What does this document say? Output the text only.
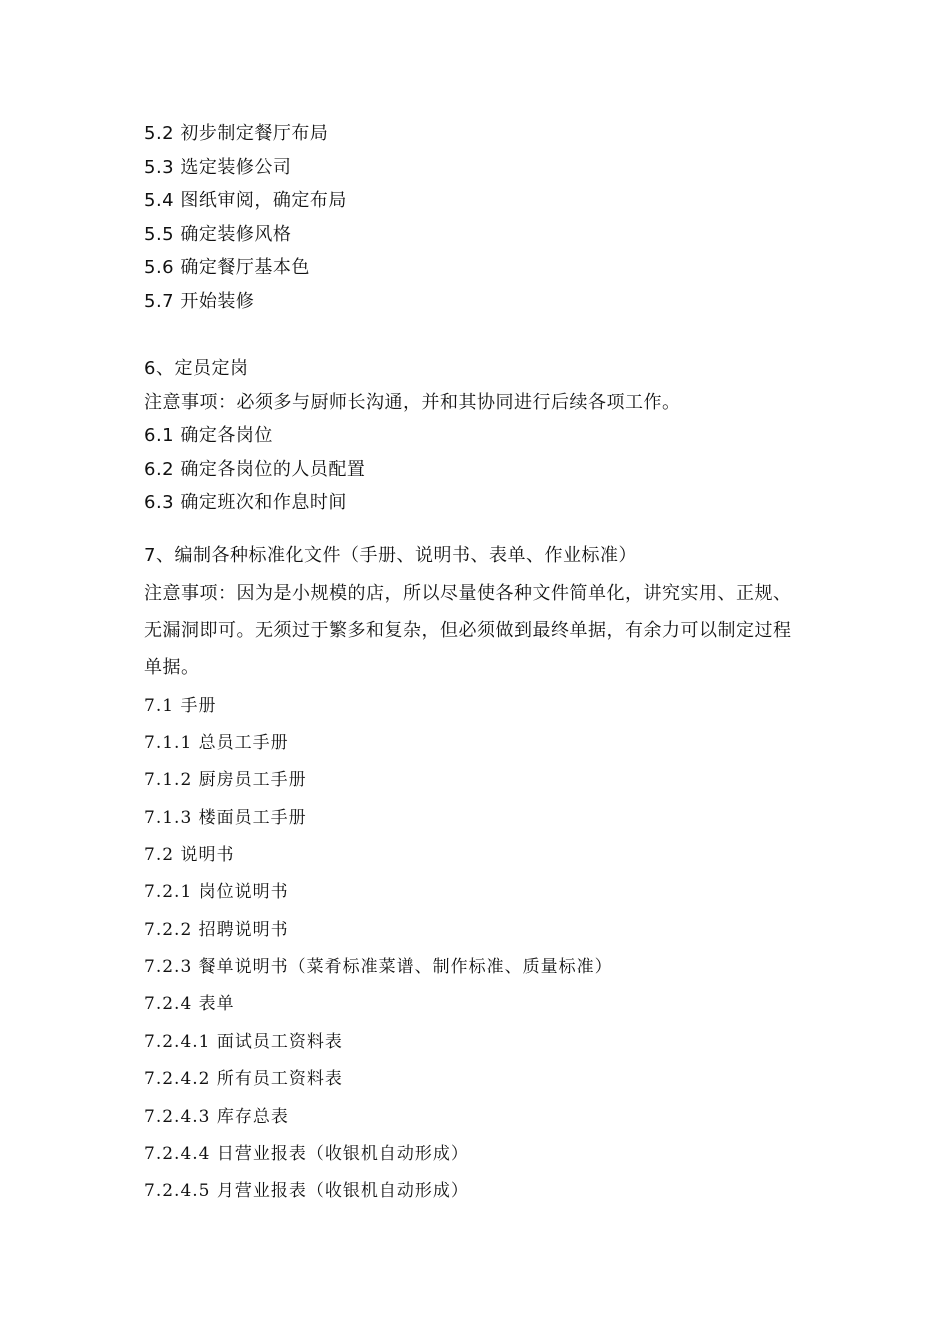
5.2 初步制定餐厅布局
5.3 选定装修公司
5.4 图纸审阅，确定布局
5.5 确定装修风格
5.6 确定餐厅基本色
5.7 开始装修
6、定员定岗
注意事项：必须多与厨师长沟通，并和其协同进行后续各项工作。
6.1 确定各岗位
6.2 确定各岗位的人员配置
6.3 确定班次和作息时间
7、编制各种标准化文件（手册、说明书、表单、作业标准）
注意事项：因为是小规模的店，所以尽量使各种文件简单化，讲究实用、正规、
无漏洞即可。无须过于繁多和复杂，但必须做到最终单据，有余力可以制定过程
单据。
7.1 手册
7.1.1 总员工手册
7.1.2 厨房员工手册
7.1.3 楼面员工手册
7.2 说明书
7.2.1 岗位说明书
7.2.2 招聘说明书
7.2.3 餐单说明书（菜肴标准菜谱、制作标准、质量标准）
7.2.4 表单
7.2.4.1 面试员工资料表
7.2.4.2 所有员工资料表
7.2.4.3 库存总表
7.2.4.4 日营业报表（收银机自动形成）
7.2.4.5 月营业报表（收银机自动形成）
